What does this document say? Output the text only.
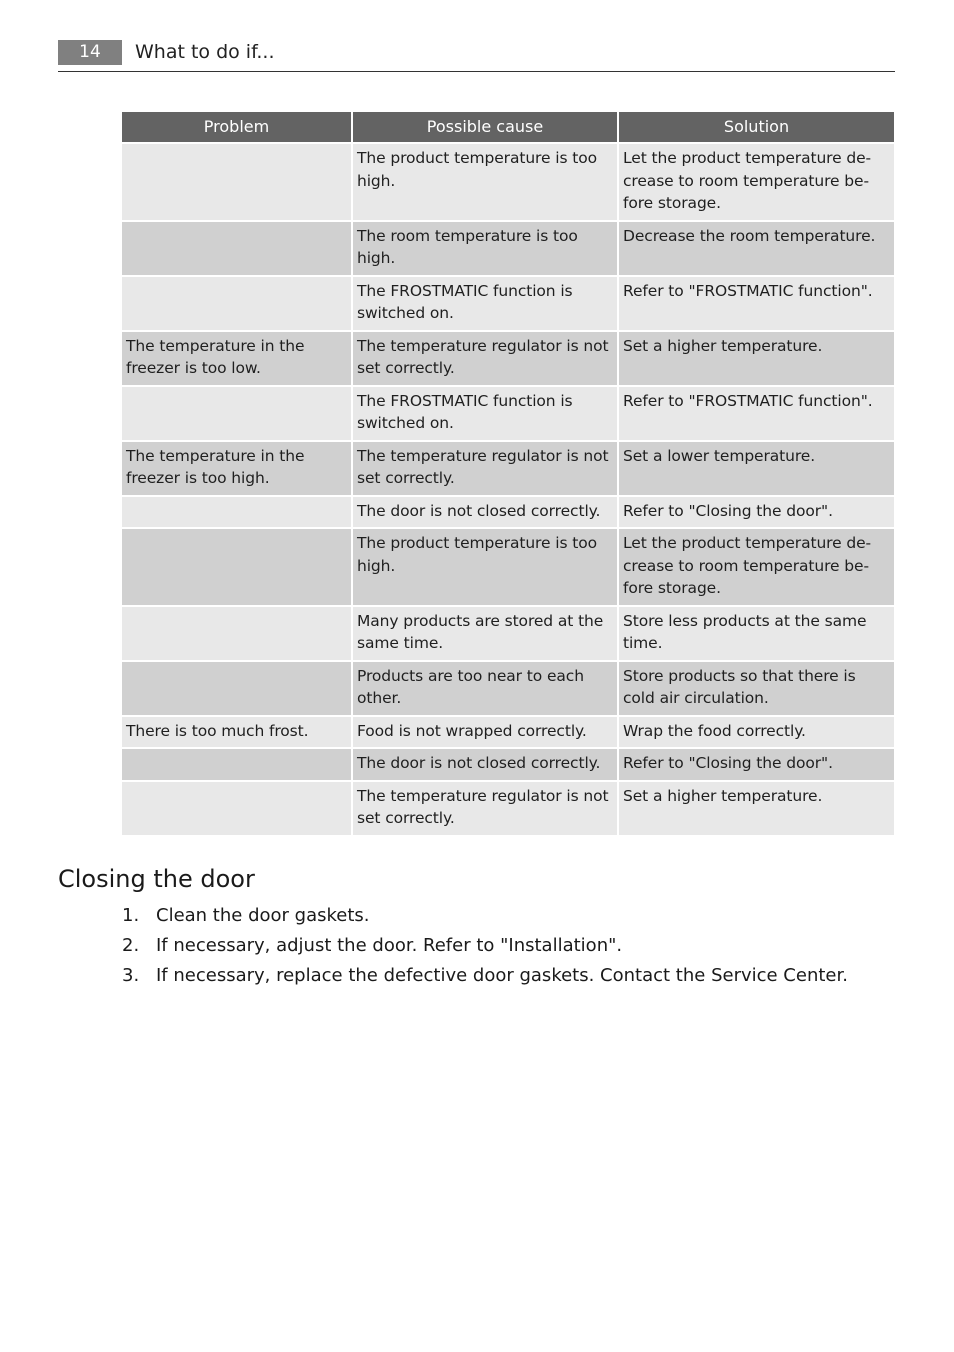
14	What to do if...
Problem	Possible cause	Solution
	The product temperature is too high.	Let the product temperature de-crease to room temperature be-fore storage.
	The room temperature is too high.	Decrease the room temperature.
	The FROSTMATIC function is switched on.	Refer to "FROSTMATIC function".
The temperature in the freezer is too low.	The temperature regulator is not set correctly.	Set a higher temperature.
	The FROSTMATIC function is switched on.	Refer to "FROSTMATIC function".
The temperature in the freezer is too high.	The temperature regulator is not set correctly.	Set a lower temperature.
	The door is not closed correctly.	Refer to "Closing the door".
	The product temperature is too high.	Let the product temperature de-crease to room temperature be-fore storage.
	Many products are stored at the same time.	Store less products at the same time.
	Products are too near to each other.	Store products so that there is cold air circulation.
There is too much frost.	Food is not wrapped correctly.	Wrap the food correctly.
	The door is not closed correctly.	Refer to "Closing the door".
	The temperature regulator is not set correctly.	Set a higher temperature.
Closing the door
1. Clean the door gaskets.
2. If necessary, adjust the door. Refer to "Installation".
3. If necessary, replace the defective door gaskets. Contact the Service Center.
